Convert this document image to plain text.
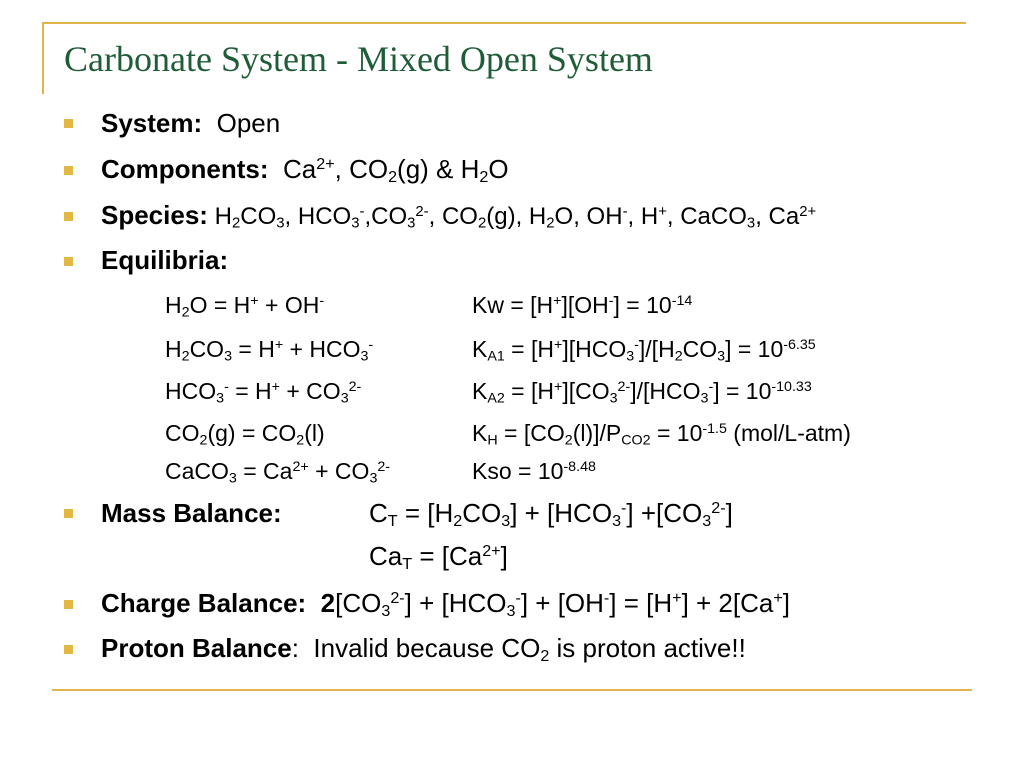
Carbonate System - Mixed Open System
System: Open
Components: $Ca^{2+}$, $CO_2(g)$ & $H_2O$
Species: $H_2CO_3$, $HCO_3^-,CO_3^{2-}$, $CO_2(g)$, $H_2O$, OH-, H+, CaCO$_3$, $Ca^{2+}$
Equilibria:
$H_2O = H^+ + OH^-$	$Kw = [H^+][OH^-] = 10^{-14}$
$H_2CO_3 = H^+ + HCO_3^-$	$K_{A1} = [H^+][HCO_3^-]/[H_2CO_3] = 10^{-6.35}$
$HCO_3^- = H^+ + CO_3^{2-}$	$K_{A2} = [H^+][CO_3^{2-}]/[HCO_3^-] = 10^{-10.33}$
$CO_2(g) = CO_2(l)$	$K_H = [CO_2(l)]/P_{CO2} = 10^{-1.5}$ (mol/L-atm)
CaCO$_3$ = $Ca^{2+} + CO_3^{2-}$	Kso = $10^{-8.48}$
Mass Balance:	$C_T = [H_2CO_3] + [HCO_3^-] +[CO_3^{2-}]$
$Ca_T = [Ca^{2+}]$
Charge Balance: $2[CO_3^{2-}] + [HCO_3^-] + [OH^-] = [H^+] + 2[Ca^+]$
Proton Balance: Invalid because $CO_2$ is proton active!!
